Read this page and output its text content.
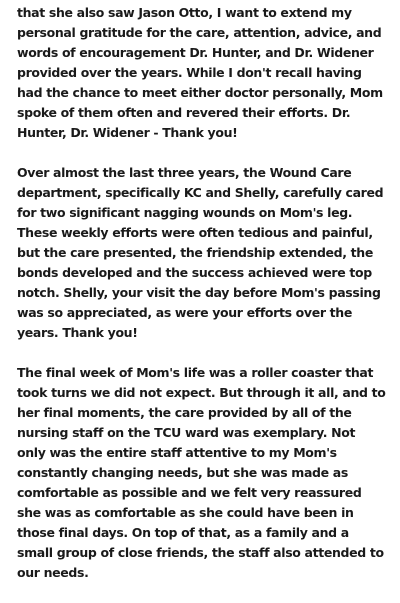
that she also saw Jason Otto, I want to extend my personal gratitude for the care, attention, advice, and words of encouragement Dr. Hunter, and Dr. Widener provided over the years. While I don't recall having had the chance to meet either doctor personally, Mom spoke of them often and revered their efforts. Dr. Hunter, Dr. Widener - Thank you!

Over almost the last three years, the Wound Care department, specifically KC and Shelly, carefully cared for two significant nagging wounds on Mom's leg. These weekly efforts were often tedious and painful, but the care presented, the friendship extended, the bonds developed and the success achieved were top notch. Shelly, your visit the day before Mom's passing was so appreciated, as were your efforts over the years. Thank you!

The final week of Mom's life was a roller coaster that took turns we did not expect. But through it all, and to her final moments, the care provided by all of the nursing staff on the TCU ward was exemplary. Not only was the entire staff attentive to my Mom's constantly changing needs, but she was made as comfortable as possible and we felt very reassured she was as comfortable as she could have been in those final days. On top of that, as a family and a small group of close friends, the staff also attended to our needs.
